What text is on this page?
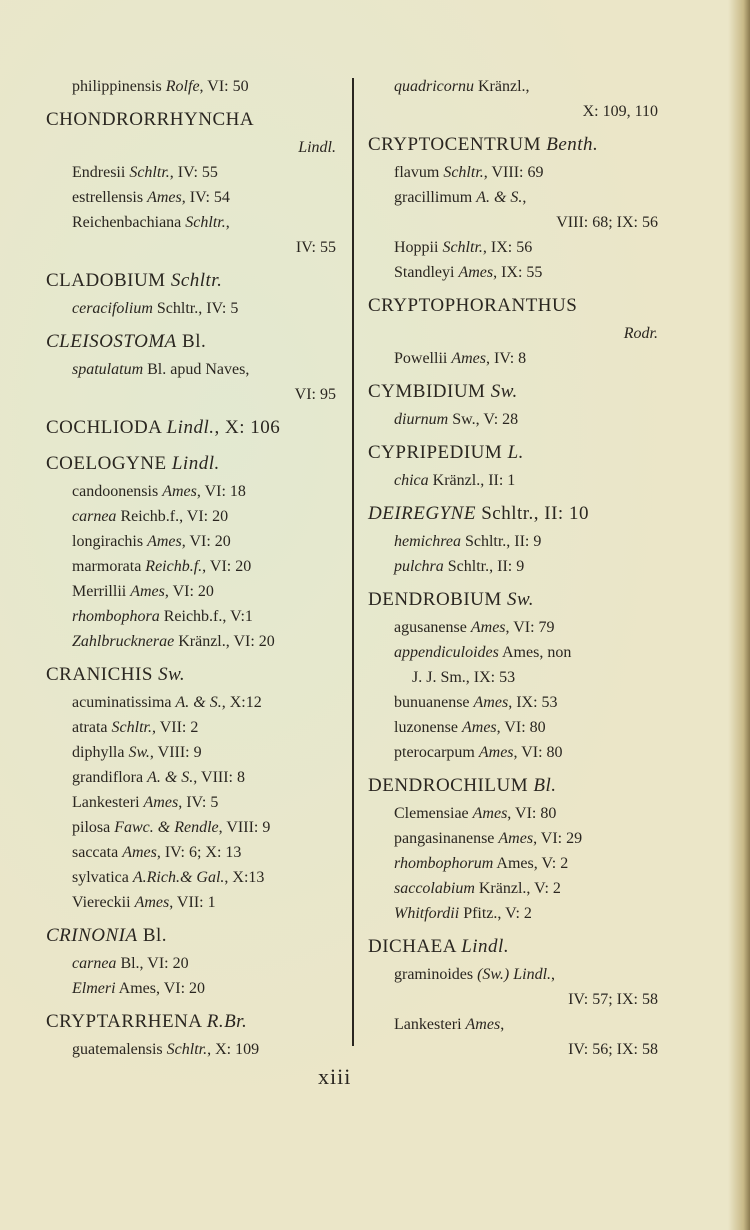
philippinensis Rolfe, VI: 50
CHONDRORRHYNCHA
Lindl.
Endresii Schltr., IV: 55
estrellensis Ames, IV: 54
Reichenbachiana Schltr.,
IV: 55
CLADOBIUM Schltr.
ceracifolium Schltr., IV: 5
CLEISOSTOMA Bl.
spatulatum Bl. apud Naves,
VI: 95
COCHLIODA Lindl., X: 106
COELOGYNE Lindl.
candoonensis Ames, VI: 18
carnea Reichb.f., VI: 20
longirachis Ames, VI: 20
marmorata Reichb.f., VI: 20
Merrillii Ames, VI: 20
rhombophora Reichb.f., V:1
Zahlbrucknerae Kränzl., VI: 20
CRANICHIS Sw.
acuminatissima A. & S., X:12
atrata Schltr., VII: 2
diphylla Sw., VIII: 9
grandiflora A. & S., VIII: 8
Lankesteri Ames, IV: 5
pilosa Fawc. & Rendle, VIII: 9
saccata Ames, IV: 6; X: 13
sylvatica A.Rich.& Gal., X:13
Viereckii Ames, VII: 1
CRINONIA Bl.
carnea Bl., VI: 20
Elmeri Ames, VI: 20
CRYPTARRHENA R.Br.
guatemalensis Schltr., X: 109
quadricornu Kränzl.,
X: 109, 110
CRYPTOCENTRUM Benth.
flavum Schltr., VIII: 69
gracillimum A. & S.,
VIII: 68; IX: 56
Hoppii Schltr., IX: 56
Standleyi Ames, IX: 55
CRYPTOPHORANTHUS
Rodr.
Powellii Ames, IV: 8
CYMBIDIUM Sw.
diurnum Sw., V: 28
CYPRIPEDIUM L.
chica Kränzl., II: 1
DEIREGYNE Schltr., II: 10
hemichrea Schltr., II: 9
pulchra Schltr., II: 9
DENDROBIUM Sw.
agusanense Ames, VI: 79
appendiculoides Ames, non
J. J. Sm., IX: 53
bunuanense Ames, IX: 53
luzonense Ames, VI: 80
pterocarpum Ames, VI: 80
DENDROCHILUM Bl.
Clemensiae Ames, VI: 80
pangasinanense Ames, VI: 29
rhombophorum Ames, V: 2
saccolabium Kränzl., V: 2
Whitfordii Pfitz., V: 2
DICHAEA Lindl.
graminoides (Sw.) Lindl.,
IV: 57; IX: 58
Lankesteri Ames,
IV: 56; IX: 58
xiii
